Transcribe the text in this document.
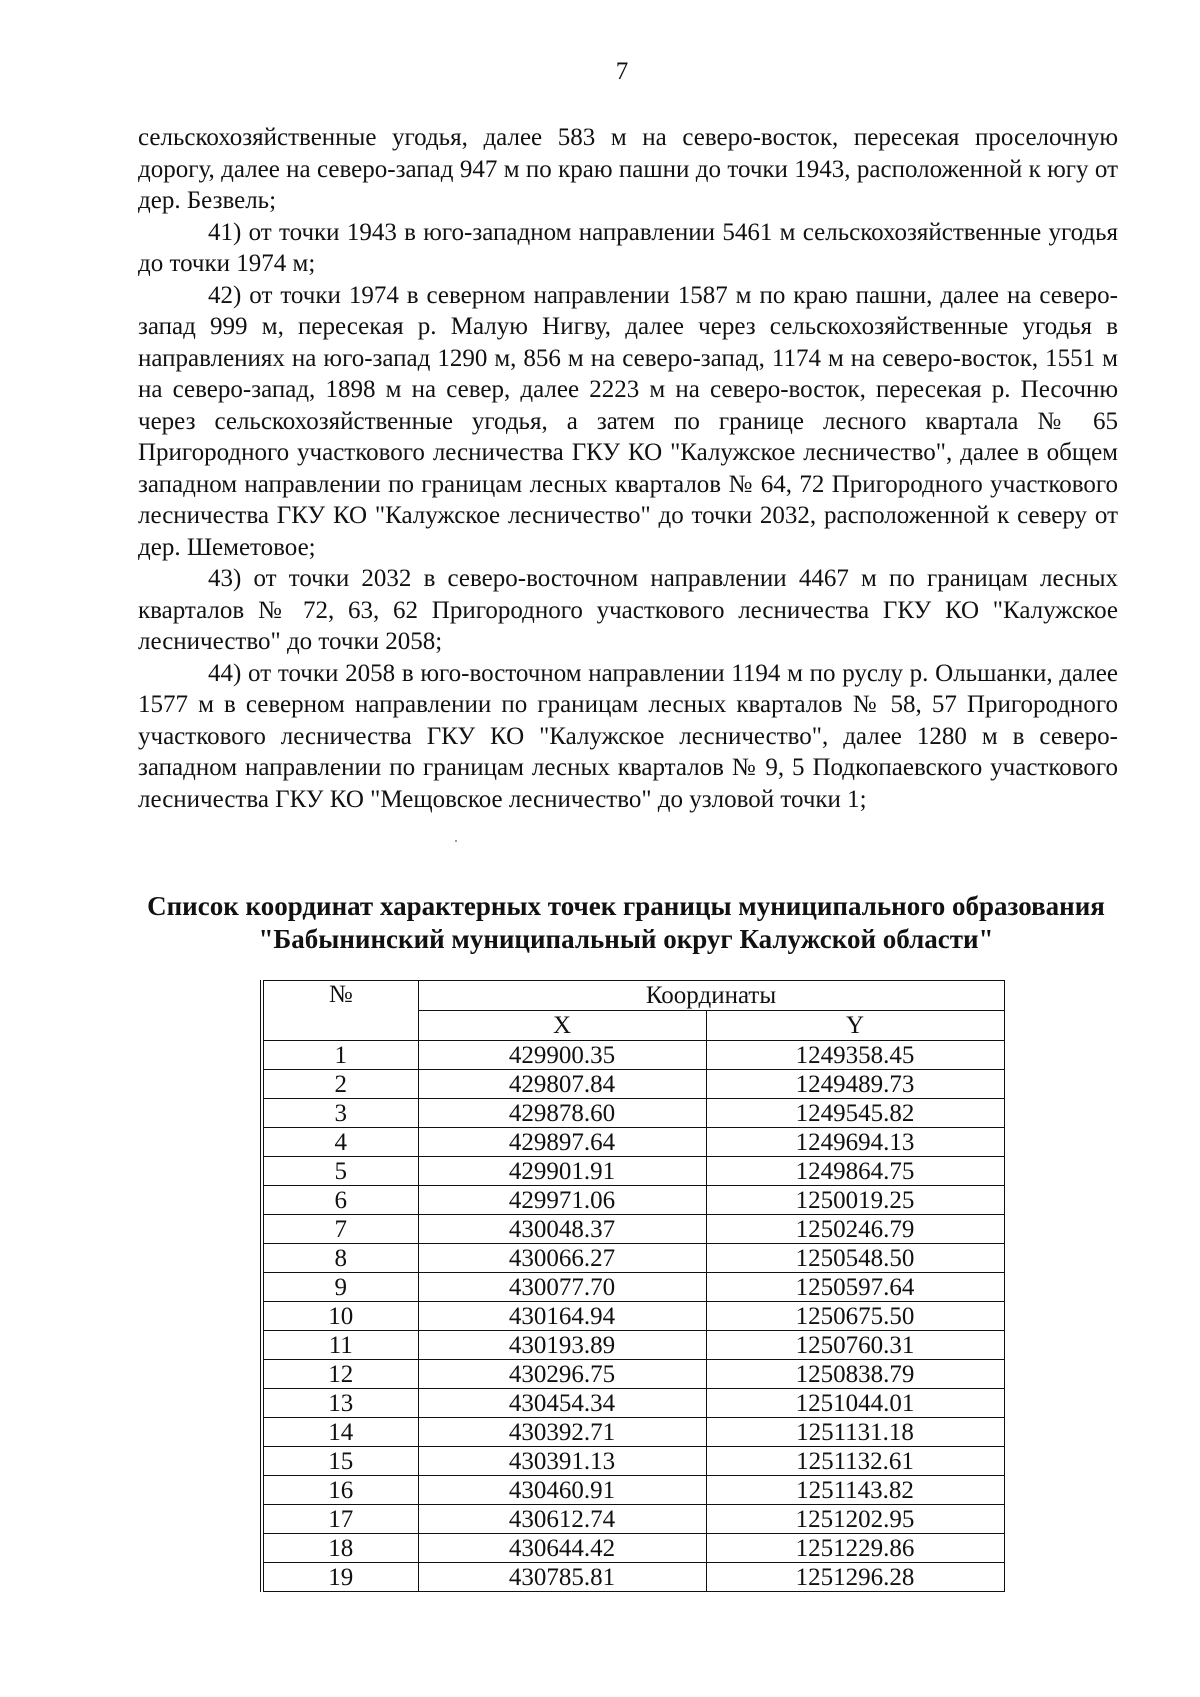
7

сельскохозяйственные угодья, далее 583 м на северо-восток, пересекая проселочную дорогу, далее на северо-запад 947 м по краю пашни до точки 1943, расположенной к югу от дер. Безвель;

41) от точки 1943 в юго-западном направлении 5461 м сельскохозяйственные угодья до точки 1974 м;

42) от точки 1974 в северном направлении 1587 м по краю пашни, далее на северо-запад 999 м, пересекая р. Малую Нигву, далее через сельскохозяйственные угодья в направлениях на юго-запад 1290 м, 856 м на северо-запад, 1174 м на северо-восток, 1551 м на северо-запад, 1898 м на север, далее 2223 м на северо-восток, пересекая р. Песочню через сельскохозяйственные угодья, а затем по границе лесного квартала № 65 Пригородного участкового лесничества ГКУ КО "Калужское лесничество", далее в общем западном направлении по границам лесных кварталов № 64, 72 Пригородного участкового лесничества ГКУ КО "Калужское лесничество" до точки 2032, расположенной к северу от дер. Шеметовое;

43) от точки 2032 в северо-восточном направлении 4467 м по границам лесных кварталов № 72, 63, 62 Пригородного участкового лесничества ГКУ КО "Калужское лесничество" до точки 2058;

44) от точки 2058 в юго-восточном направлении 1194 м по руслу р. Ольшанки, далее 1577 м в северном направлении по границам лесных кварталов № 58, 57 Пригородного участкового лесничества ГКУ КО "Калужское лесничество", далее 1280 м в северо-западном направлении по границам лесных кварталов № 9, 5 Подкопаевского участкового лесничества ГКУ КО "Мещовское лесничество" до узловой точки 1;

Список координат характерных точек границы муниципального образования
"Бабынинский муниципальный округ Калужской области"
№	Координаты	
	X	Y
1	429900.35	1249358.45
2	429807.84	1249489.73
3	429878.60	1249545.82
4	429897.64	1249694.13
5	429901.91	1249864.75
6	429971.06	1250019.25
7	430048.37	1250246.79
8	430066.27	1250548.50
9	430077.70	1250597.64
10	430164.94	1250675.50
11	430193.89	1250760.31
12	430296.75	1250838.79
13	430454.34	1251044.01
14	430392.71	1251131.18
15	430391.13	1251132.61
16	430460.91	1251143.82
17	430612.74	1251202.95
18	430644.42	1251229.86
19	430785.81	1251296.28
